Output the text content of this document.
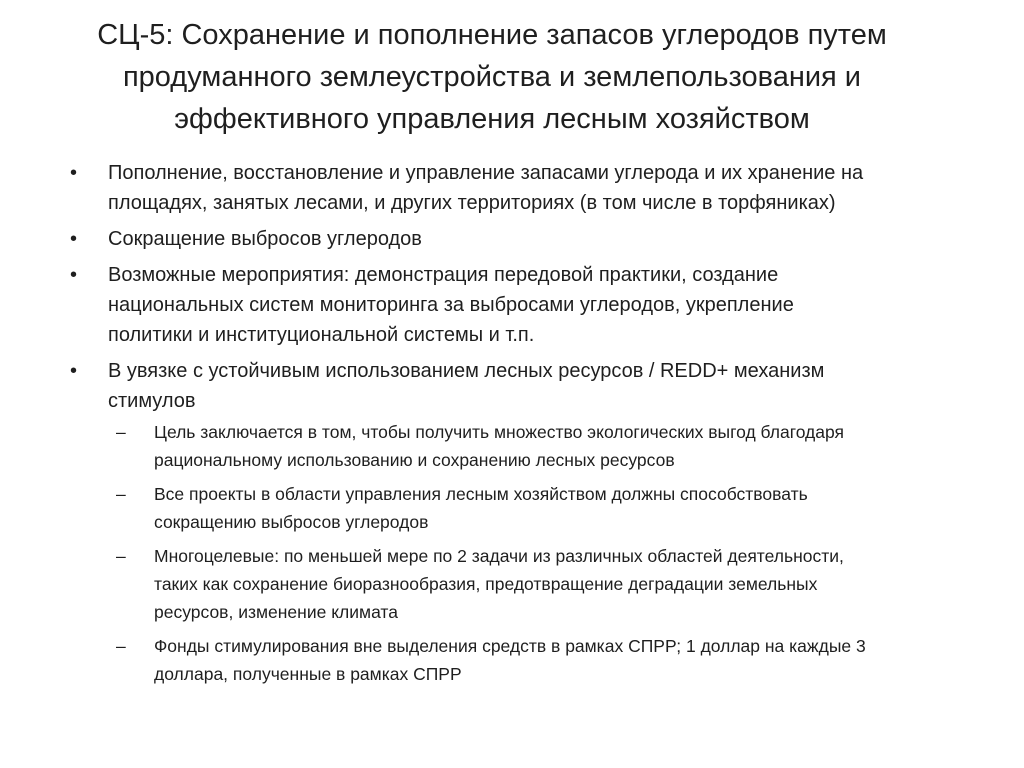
СЦ-5: Сохранение и пополнение запасов углеродов путем
продуманного землеустройства и землепользования и
эффективного управления лесным хозяйством
•	Пополнение, восстановление и управление запасами углерода и их хранение на
площадях, занятых лесами, и других территориях (в том числе в торфяниках)
•	Сокращение выбросов углеродов
•	Возможные мероприятия: демонстрация передовой практики, создание
национальных систем мониторинга за выбросами углеродов, укрепление
политики и институциональной системы и т.п.
•	В увязке с устойчивым использованием лесных ресурсов / REDD+ механизм
стимулов
– Цель заключается в том, чтобы получить множество экологических выгод благодаря
рациональному использованию и сохранению лесных ресурсов
– Все проекты в области управления лесным хозяйством должны способствовать
сокращению выбросов углеродов
– Многоцелевые: по меньшей мере по 2 задачи из различных областей деятельности,
таких как сохранение биоразнообразия, предотвращение деградации земельных
ресурсов, изменение климата
– Фонды стимулирования вне выделения средств в рамках СПРР; 1 доллар на каждые 3
доллара, полученные в рамках СПРР
